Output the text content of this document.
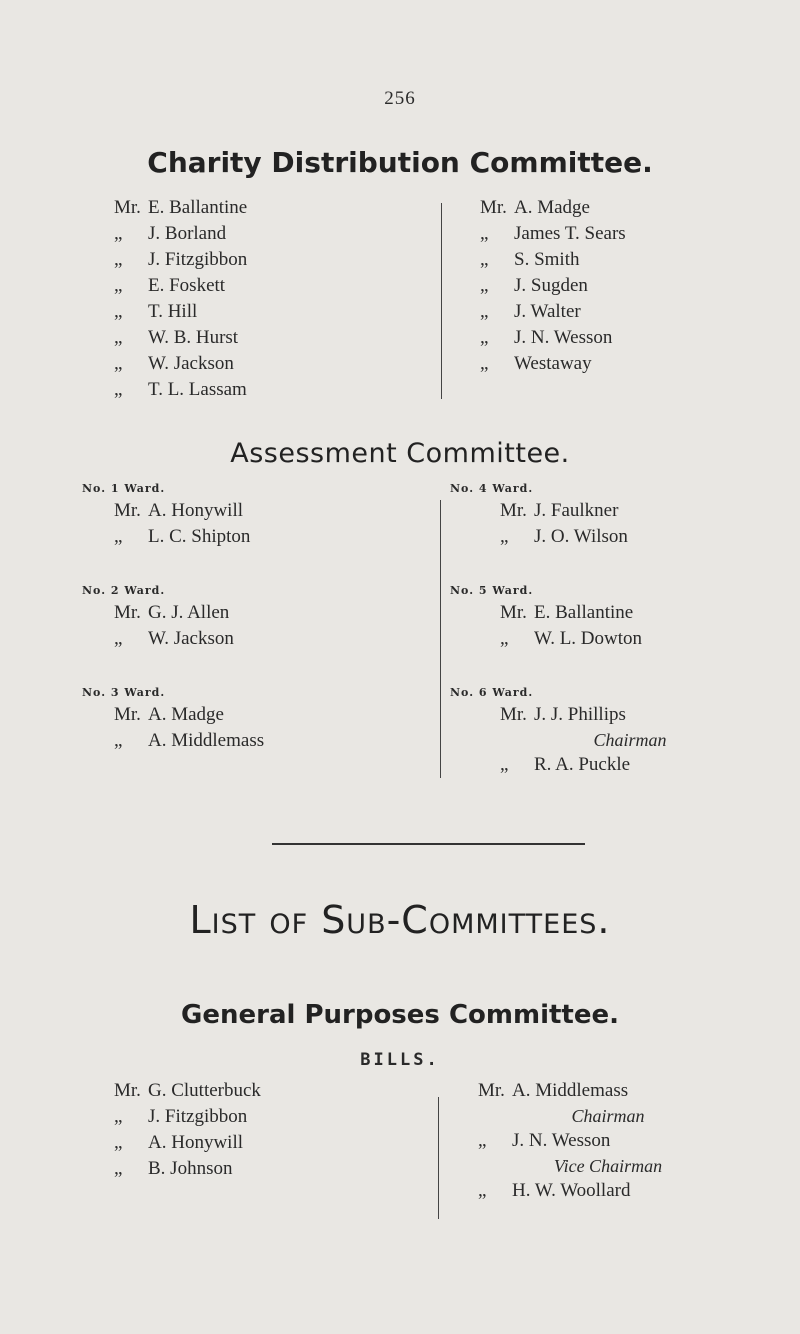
256
Charity Distribution Committee.
Mr. E. Ballantine
„ J. Borland
„ J. Fitzgibbon
„ E. Foskett
„ T. Hill
„ W. B. Hurst
„ W. Jackson
„ T. L. Lassam
Mr. A. Madge
„ James T. Sears
„ S. Smith
„ J. Sugden
„ J. Walter
„ J. N. Wesson
„ Westaway
Assessment Committee.
No. 1 Ward.
Mr. A. Honywill
„ L. C. Shipton
No. 2 Ward.
Mr. G. J. Allen
„ W. Jackson
No. 3 Ward.
Mr. A. Madge
„ A. Middlemass
No. 4 Ward.
Mr. J. Faulkner
„ J. O. Wilson
No. 5 Ward.
Mr. E. Ballantine
„ W. L. Dowton
No. 6 Ward.
Mr. J. J. Phillips
Chairman
„ R. A. Puckle
List of Sub-Committees.
General Purposes Committee.
BILLS.
Mr. G. Clutterbuck
„ J. Fitzgibbon
„ A. Honywill
„ B. Johnson
Mr. A. Middlemass
Chairman
„ J. N. Wesson
Vice Chairman
„ H. W. Woollard
